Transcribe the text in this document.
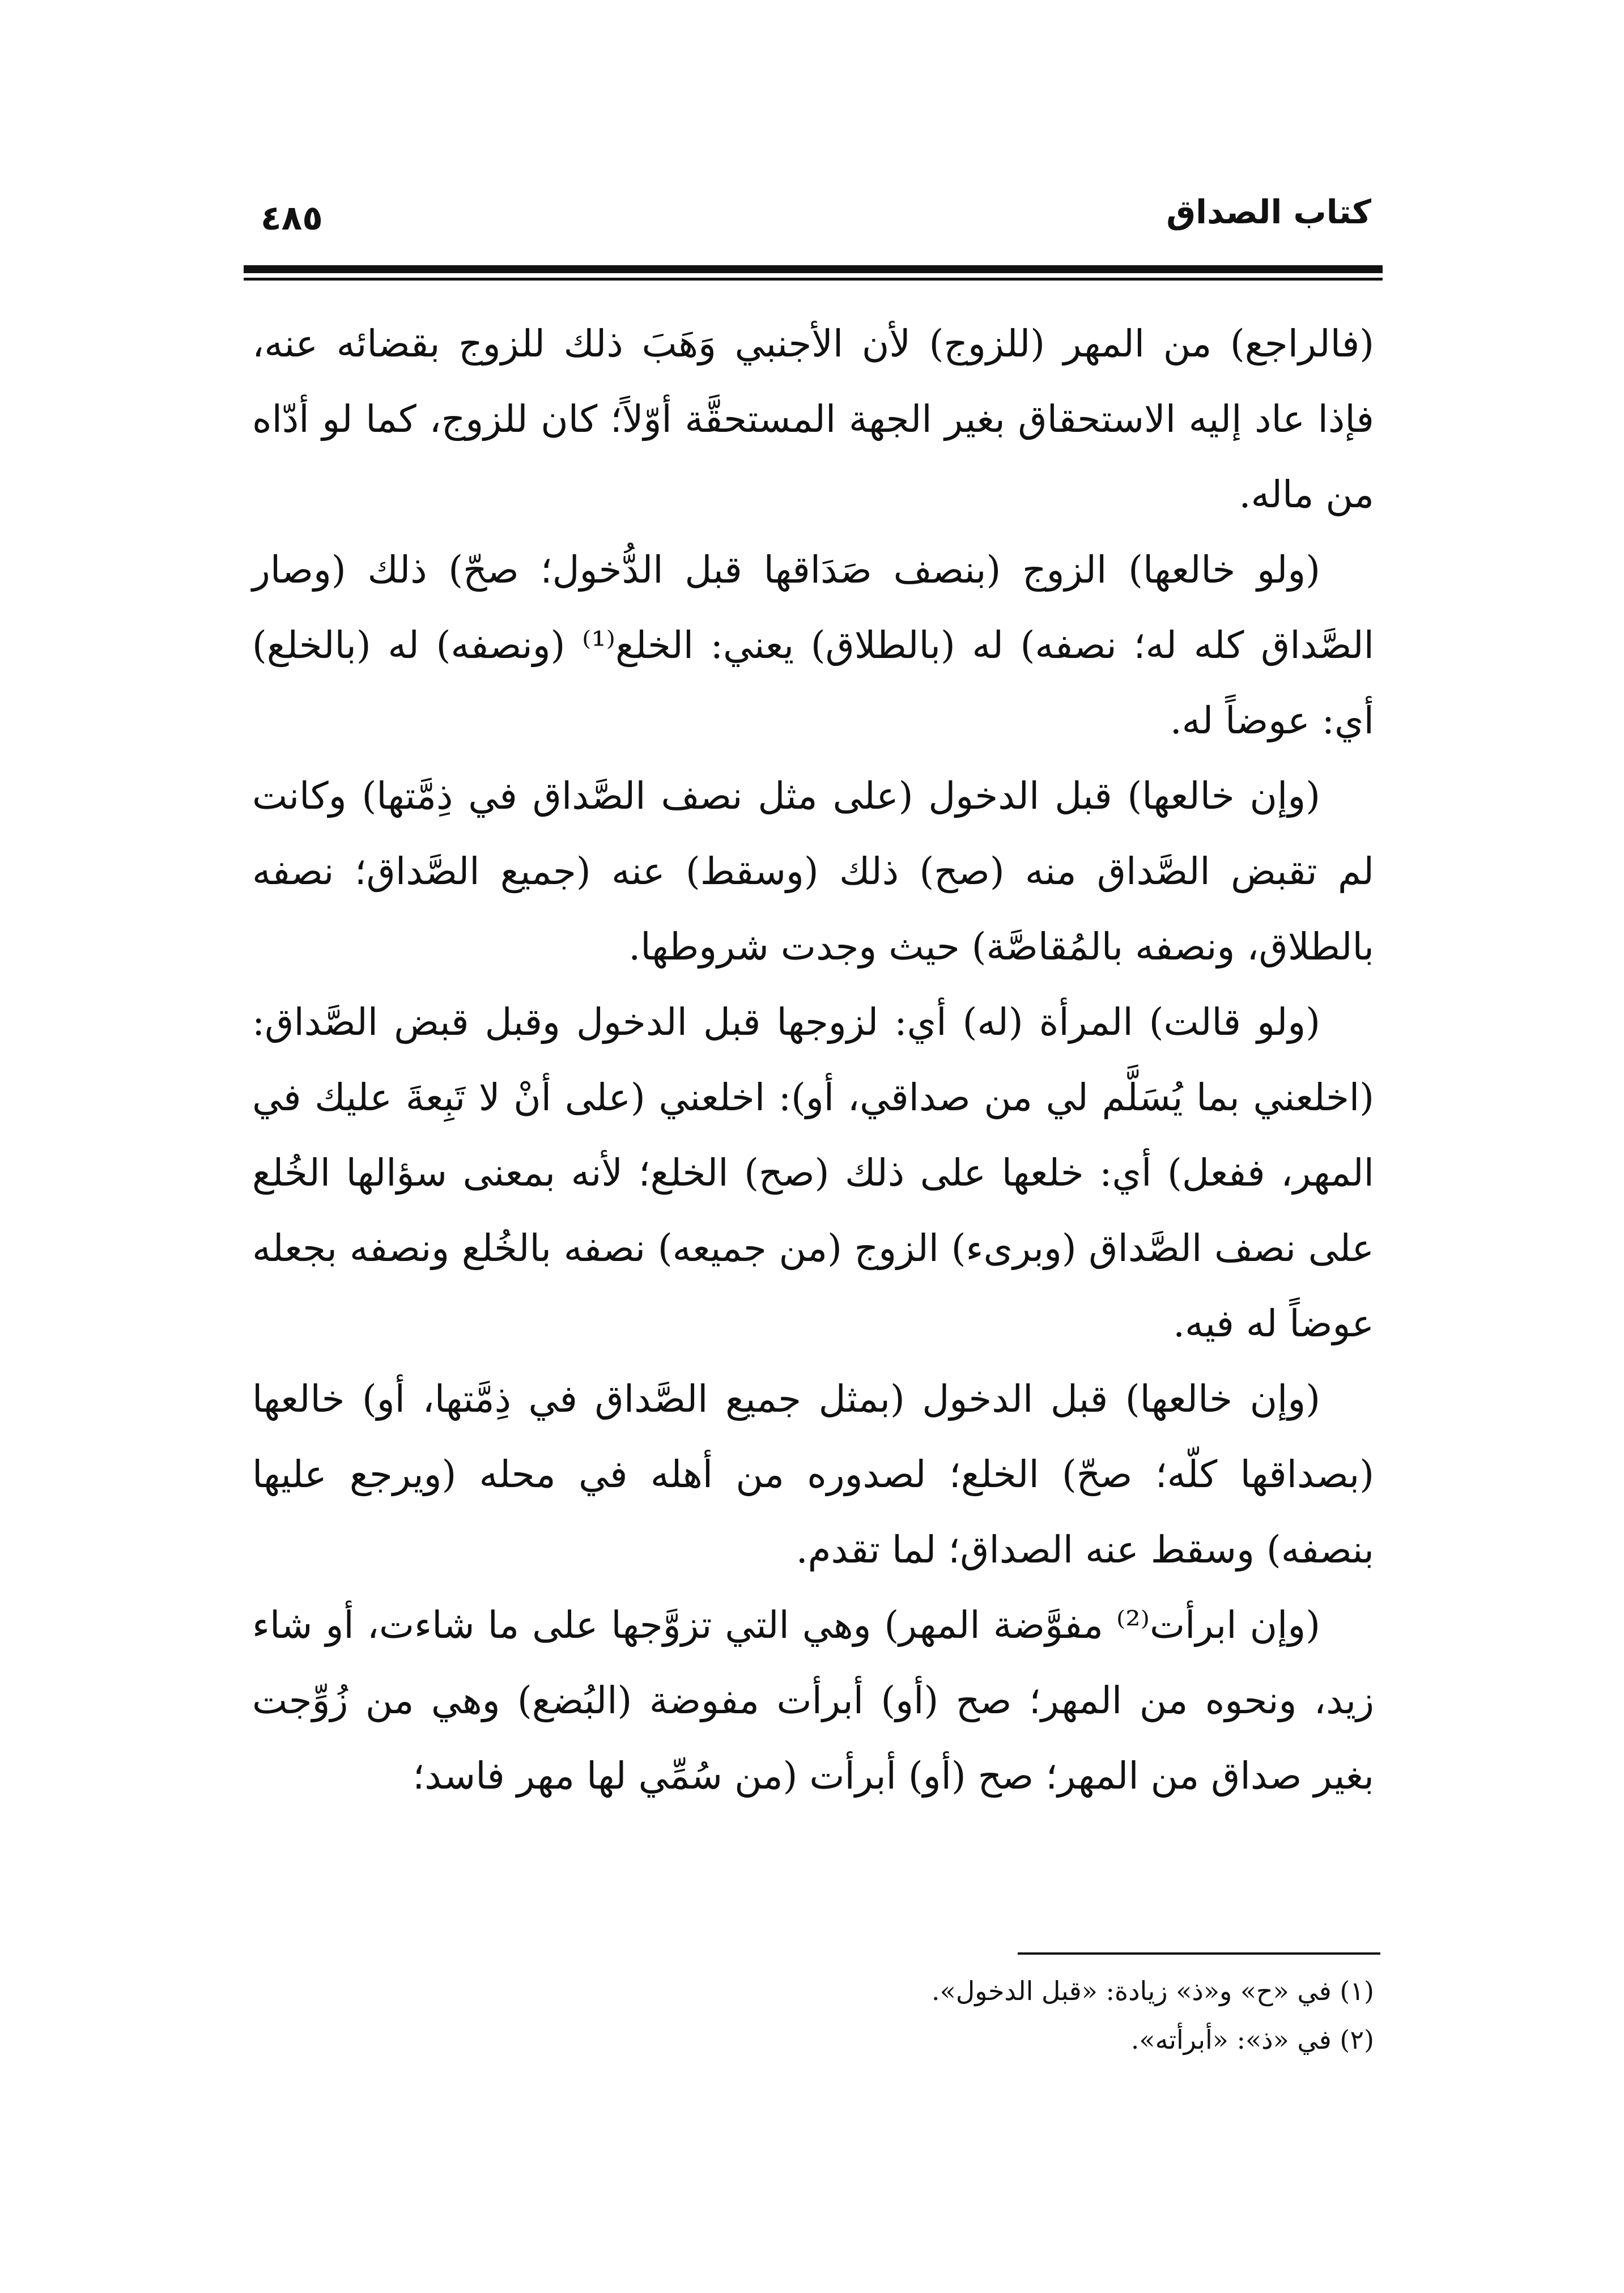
كتاب الصداق
٤٨٥

(فالراجع) من المهر (للزوج) لأن الأجنبي وَهَبَ ذلك للزوج بقضائه عنه، فإذا عاد إليه الاستحقاق بغير الجهة المستحقَّة أوّلاً؛ كان للزوج، كما لو أدّاه من ماله.

(ولو خالعها) الزوج (بنصف صَدَاقها قبل الدُّخول؛ صحّ) ذلك (وصار الصَّداق كله له؛ نصفه) له (بالطلاق) يعني: الخلع⁽¹⁾ (ونصفه) له (بالخلع) أي: عوضاً له.

(وإن خالعها) قبل الدخول (على مثل نصف الصَّداق في ذِمَّتها) وكانت لم تقبض الصَّداق منه (صح) ذلك (وسقط) عنه (جميع الصَّداق؛ نصفه بالطلاق، ونصفه بالمُقاصَّة) حيث وجدت شروطها.

(ولو قالت) المرأة (له) أي: لزوجها قبل الدخول وقبل قبض الصَّداق: (اخلعني بما يُسَلَّم لي من صداقي، أو): اخلعني (على أنْ لا تَبِعةَ عليك في المهر، ففعل) أي: خلعها على ذلك (صح) الخلع؛ لأنه بمعنى سؤالها الخُلع على نصف الصَّداق (وبرىء) الزوج (من جميعه) نصفه بالخُلع ونصفه بجعله عوضاً له فيه.

(وإن خالعها) قبل الدخول (بمثل جميع الصَّداق في ذِمَّتها، أو) خالعها (بصداقها كلّه؛ صحّ) الخلع؛ لصدوره من أهله في محله (ويرجع عليها بنصفه) وسقط عنه الصداق؛ لما تقدم.

(وإن ابرأت⁽²⁾ مفوَّضة المهر) وهي التي تزوَّجها على ما شاءت، أو شاء زيد، ونحوه من المهر؛ صح (أو) أبرأت مفوضة (البُضع) وهي من زُوِّجت بغير صداق من المهر؛ صح (أو) أبرأت (من سُمِّي لها مهر فاسد؛

(١) في «ح» و«ذ» زيادة: «قبل الدخول».

(٢) في «ذ»: «أبرأته».
